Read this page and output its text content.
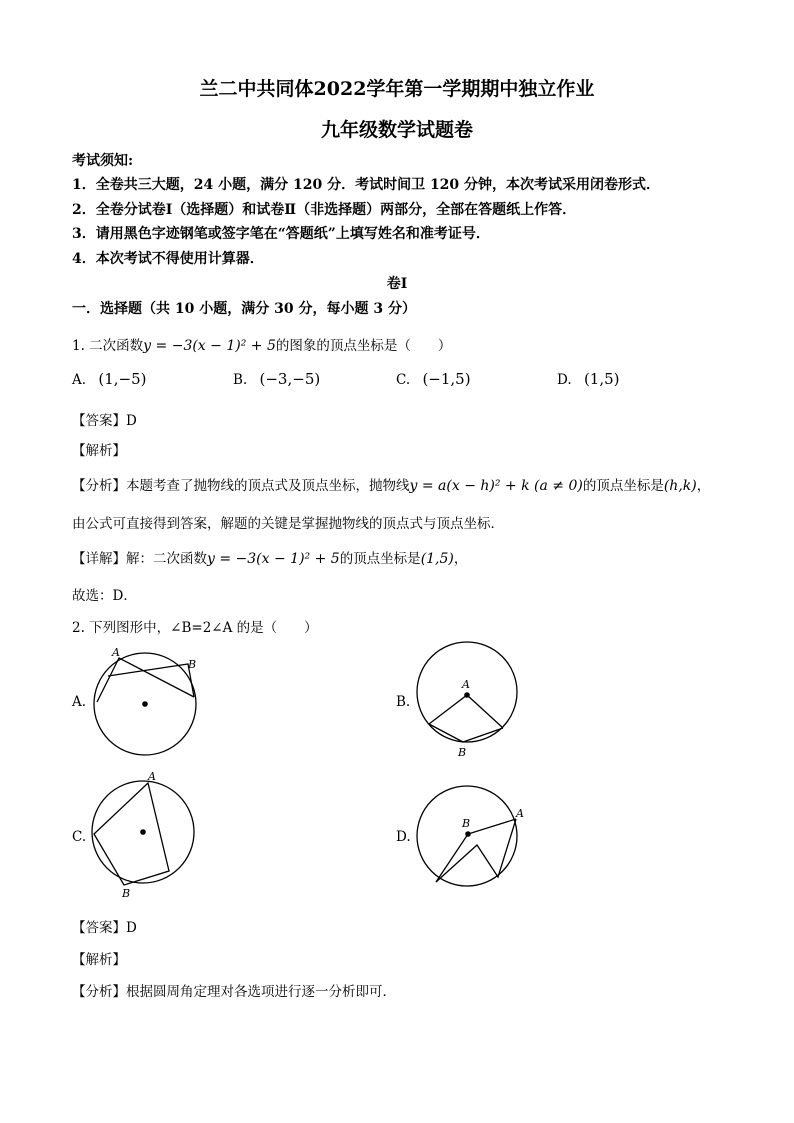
兰二中共同体2022学年第一学期期中独立作业
九年级数学试题卷
考试须知:
1．全卷共三大题，24 小题，满分 120 分．考试时间卫 120 分钟，本次考试采用闭卷形式．
2．全卷分试卷Ⅰ（选择题）和试卷Ⅱ（非选择题）两部分，全部在答题纸上作答．
3．请用黑色字迹钢笔或签字笔在“答题纸”上填写姓名和准考证号．
4．本次考试不得使用计算器．
卷Ⅰ
一．选择题（共 10 小题，满分 30 分，每小题 3 分）
1. 二次函数y = −3(x − 1)² + 5的图象的顶点坐标是（　　）
A. (1,−5)	B. (−3,−5)	C. (−1,5)	D. (1,5)
【答案】D
【解析】
【分析】本题考查了抛物线的顶点式及顶点坐标，抛物线y = a(x − h)² + k (a ≠ 0)的顶点坐标是(h,k)，
由公式可直接得到答案，解题的关键是掌握抛物线的顶点式与顶点坐标．
【详解】解：二次函数y = −3(x − 1)² + 5的顶点坐标是(1,5)，
故选：D．
2. 下列图形中，∠B=2∠A 的是（　　）
A.
A
B
B.
A
B
C.
A
B
D.
B
A
【答案】D
【解析】
【分析】根据圆周角定理对各选项进行逐一分析即可．
